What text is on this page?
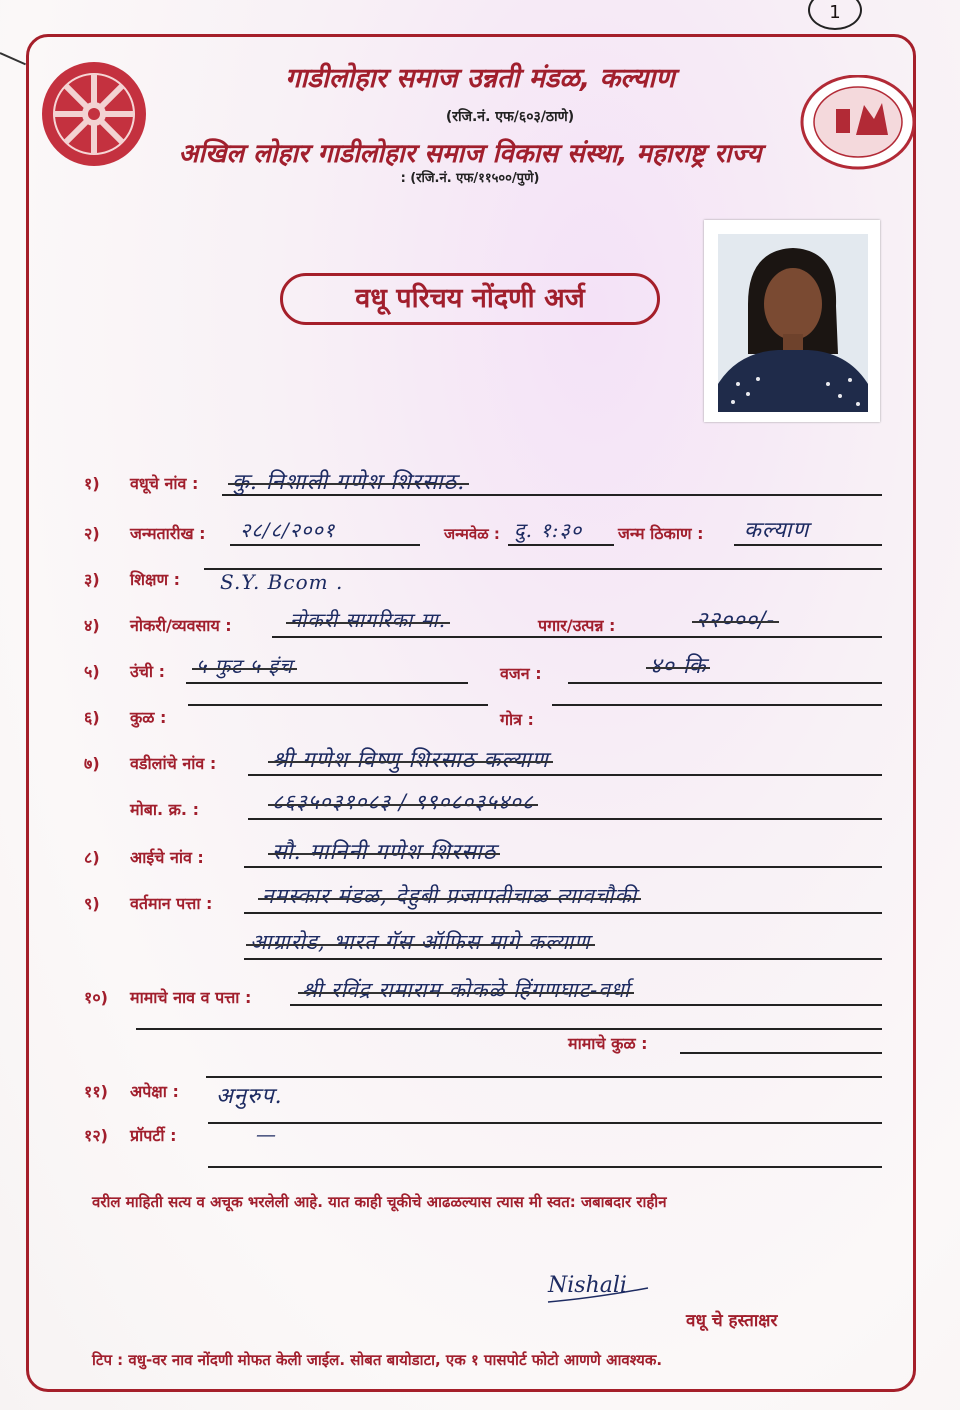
1
गाडीलोहार समाज उन्नती मंडळ, कल्याण
(रजि.नं. एफ/६०३/ठाणे)
अखिल लोहार गाडीलोहार समाज विकास संस्था, महाराष्ट्र राज्य
: (रजि.नं. एफ/११५००/पुणे)
वधू परिचय नोंदणी अर्ज
१) वधूचे नांव : कु. निशाली गणेश शिरसाठ.
२) जन्मतारीख : २८/८/२००१	जन्मवेळ : दु. १:३० जन्म ठिकाण : कल्याण
३) शिक्षण : S.Y. Bcom .
४) नोकरी/व्यवसाय :	नोकरी सागरिका मा.	पगार/उत्पन्न :	२२०००/-
५) उंची : ५ फुट ५ इंच	वजन :	४० कि
६) कुळ :	गोत्र :
७) वडीलांचे नांव :	श्री गणेश विष्णु शिरसाठ कल्याण
मोबा. क्र. :	८६३५०३१०८३ / ९९०८०३५४०८
८) आईचे नांव :	सौ. मानिनी गणेश शिरसाठ
९) वर्तमान पत्ता : नमस्कार मंडळ, देहुबी प्रजापतीचाळ त्यावचौकी
आग्रारोड, भारत गॅस ऑफिस मागे कल्याण
१०) मामाचे नाव व पत्ता : श्री रविंद्र रामाराम कोकळे हिंगणघाट-वर्धा
मामाचे कुळ :
११) अपेक्षा : अनुरुप.
१२) प्रॉपर्टी :	—
वरील माहिती सत्य व अचूक भरलेली आहे. यात काही चूकीचे आढळल्यास त्यास मी स्वत: जबाबदार राहीन
Nishali
वधू चे हस्ताक्षर
टिप : वधु-वर नाव नोंदणी मोफत केली जाईल. सोबत बायोडाटा, एक १ पासपोर्ट फोटो आणणे आवश्यक.
